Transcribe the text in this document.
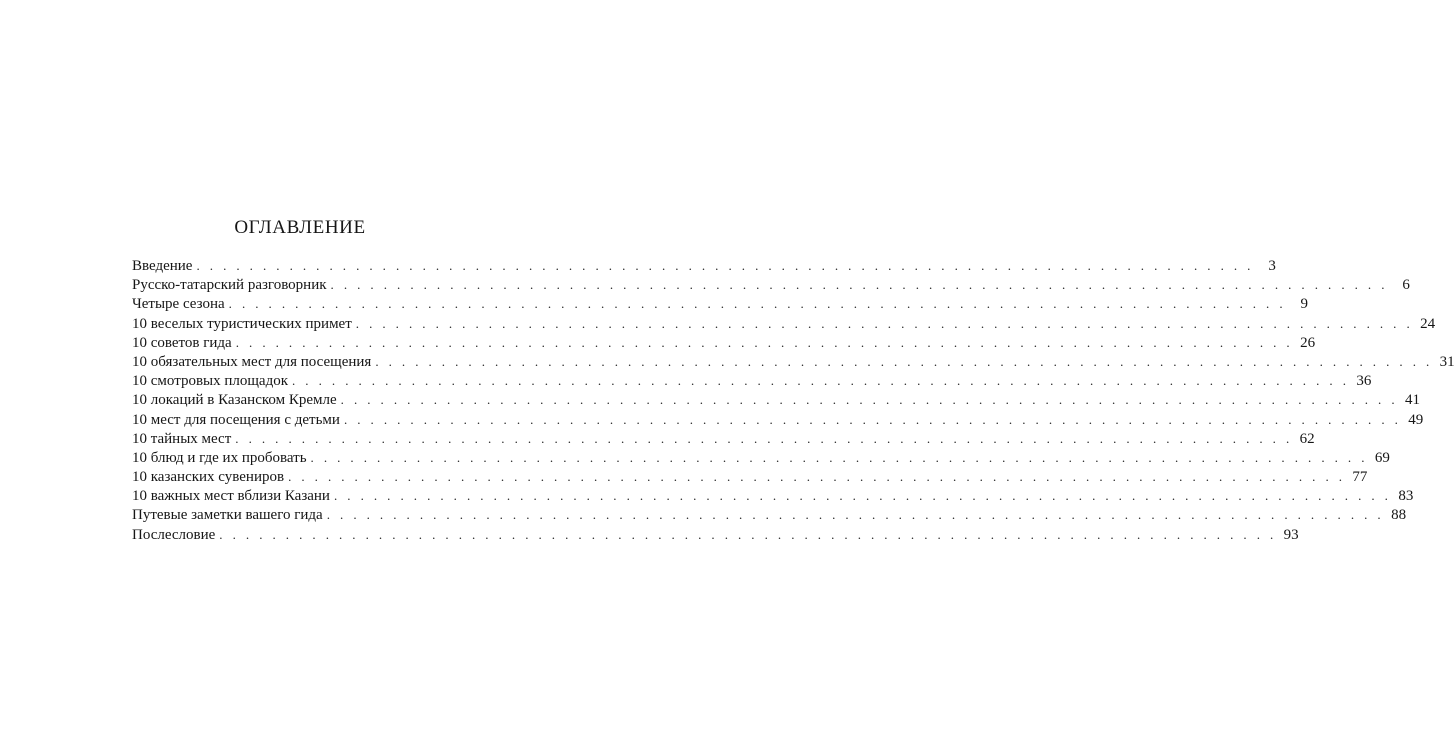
ОГЛАВЛЕНИЕ
Введение . . . . . . . . . . . . . . . . . . . . . . . . . . . . . . . . . . . . . . . . . . . . . . . . . . . . . . . . . . . . . . . . . . . . . . . . . . . . . . . . 3
Русско-татарский разговорник . . . . . . . . . . . . . . . . . . . . . . . . . . . . . . . . . . . . . . . . . . . . . . . . . . . . . . . . . . . . . . . . . . . . . . . . . . . . . . . . 6
Четыре сезона . . . . . . . . . . . . . . . . . . . . . . . . . . . . . . . . . . . . . . . . . . . . . . . . . . . . . . . . . . . . . . . . . . . . . . . . . . . . . . . . 9
10 веселых туристических примет . . . . . . . . . . . . . . . . . . . . . . . . . . . . . . . . . . . . . . . . . . . . . . . . . . . . . . . . . . . . . . . . . . . . . . . . . . . . . . . . 24
10 советов гида . . . . . . . . . . . . . . . . . . . . . . . . . . . . . . . . . . . . . . . . . . . . . . . . . . . . . . . . . . . . . . . . . . . . . . . . . . . . . . . . 26
10 обязательных мест для посещения . . . . . . . . . . . . . . . . . . . . . . . . . . . . . . . . . . . . . . . . . . . . . . . . . . . . . . . . . . . . . . . . . . . . . . . . . . . . . . . . 31
10 смотровых площадок . . . . . . . . . . . . . . . . . . . . . . . . . . . . . . . . . . . . . . . . . . . . . . . . . . . . . . . . . . . . . . . . . . . . . . . . . . . . . . . . 36
10 локаций в Казанском Кремле . . . . . . . . . . . . . . . . . . . . . . . . . . . . . . . . . . . . . . . . . . . . . . . . . . . . . . . . . . . . . . . . . . . . . . . . . . . . . . . . 41
10 мест для посещения с детьми . . . . . . . . . . . . . . . . . . . . . . . . . . . . . . . . . . . . . . . . . . . . . . . . . . . . . . . . . . . . . . . . . . . . . . . . . . . . . . . . 49
10 тайных мест . . . . . . . . . . . . . . . . . . . . . . . . . . . . . . . . . . . . . . . . . . . . . . . . . . . . . . . . . . . . . . . . . . . . . . . . . . . . . . . . 62
10 блюд и где их пробовать . . . . . . . . . . . . . . . . . . . . . . . . . . . . . . . . . . . . . . . . . . . . . . . . . . . . . . . . . . . . . . . . . . . . . . . . . . . . . . . . 69
10 казанских сувениров . . . . . . . . . . . . . . . . . . . . . . . . . . . . . . . . . . . . . . . . . . . . . . . . . . . . . . . . . . . . . . . . . . . . . . . . . . . . . . . . 77
10 важных мест вблизи Казани . . . . . . . . . . . . . . . . . . . . . . . . . . . . . . . . . . . . . . . . . . . . . . . . . . . . . . . . . . . . . . . . . . . . . . . . . . . . . . . . 83
Путевые заметки вашего гида . . . . . . . . . . . . . . . . . . . . . . . . . . . . . . . . . . . . . . . . . . . . . . . . . . . . . . . . . . . . . . . . . . . . . . . . . . . . . . . . 88
Послесловие . . . . . . . . . . . . . . . . . . . . . . . . . . . . . . . . . . . . . . . . . . . . . . . . . . . . . . . . . . . . . . . . . . . . . . . . . . . . . . . . 93
